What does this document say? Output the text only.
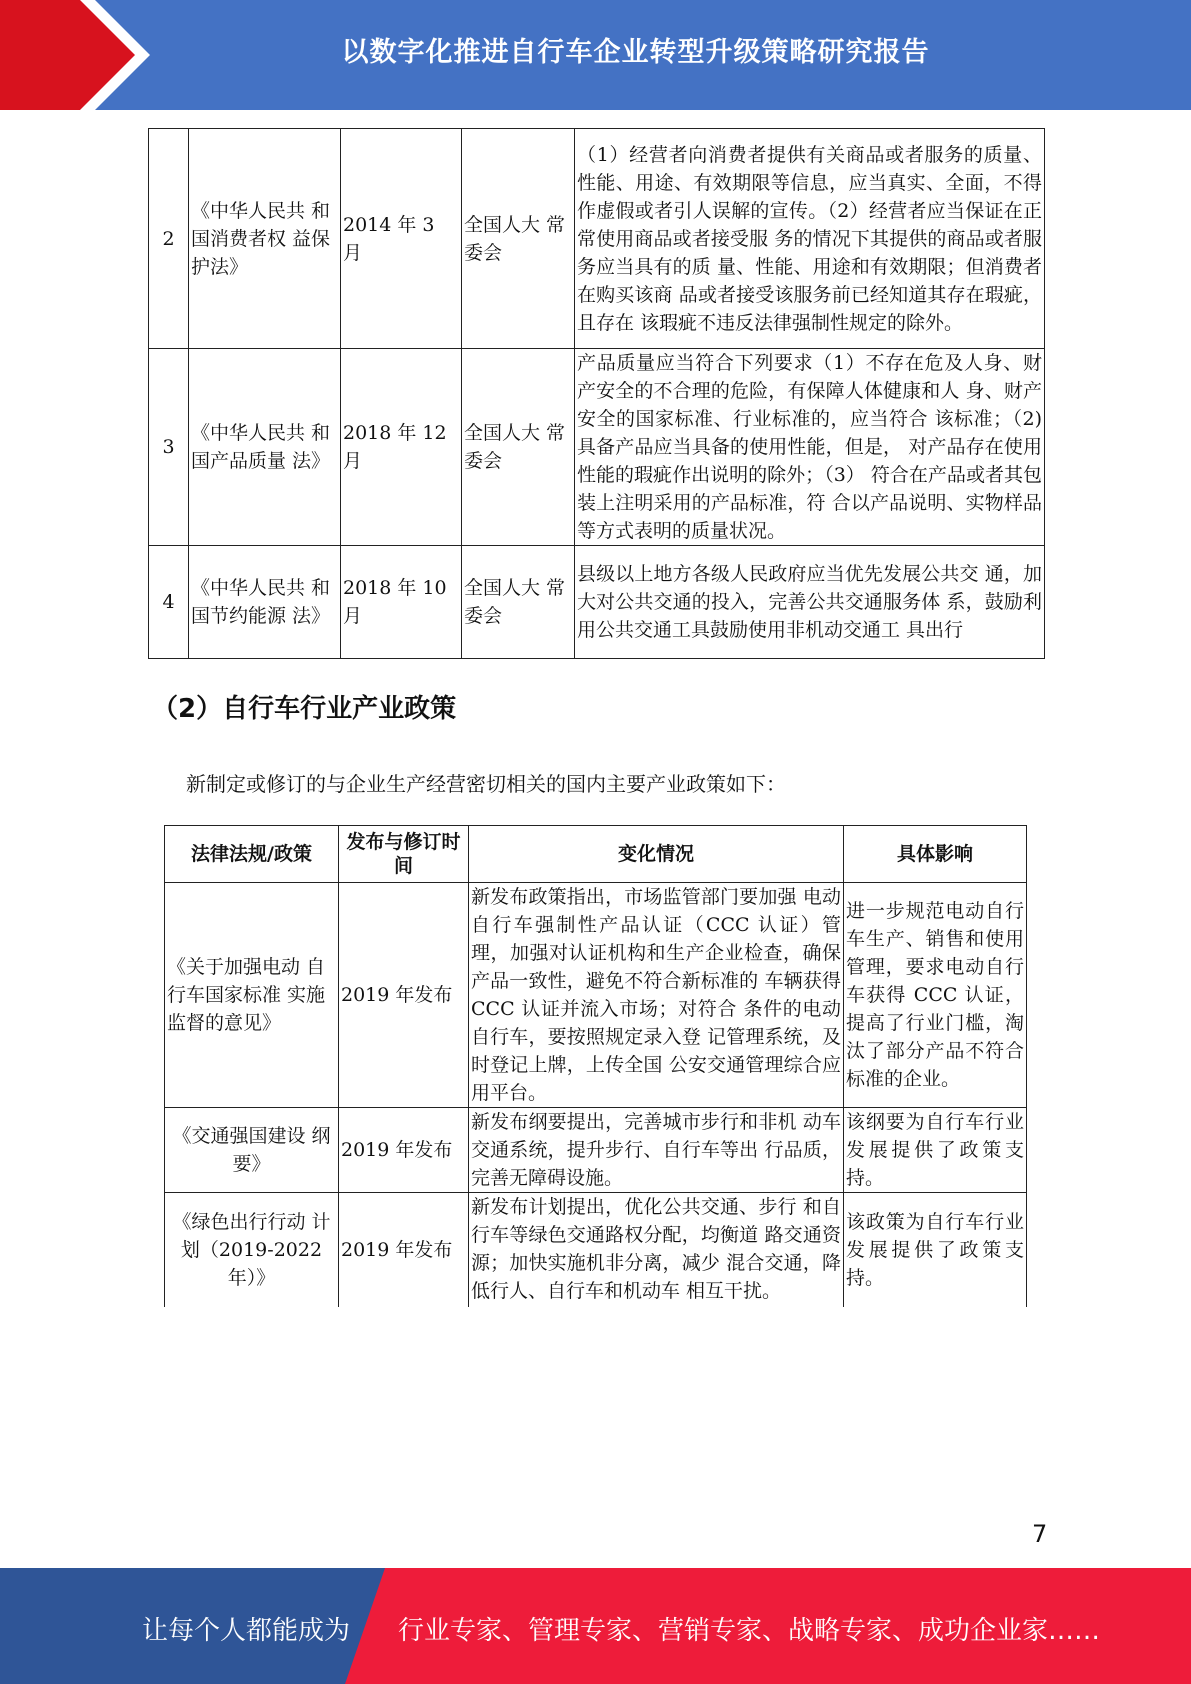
以数字化推进自行车企业转型升级策略研究报告
2	《中华人民共 和国消费者权 益保护法》	2014 年 3 月	全国人大 常委会	（1）经营者向消费者提供有关商品或者服务的质量、性能、用途、有效期限等信息，应当真实、全面，不得作虚假或者引人误解的宣传。（2）经营者应当保证在正常使用商品或者接受服 务的情况下其提供的商品或者服务应当具有的质 量、性能、用途和有效期限；但消费者在购买该商 品或者接受该服务前已经知道其存在瑕疵，且存在 该瑕疵不违反法律强制性规定的除外。
3	《中华人民共 和国产品质量 法》	2018 年 12 月	全国人大 常委会	产品质量应当符合下列要求（1）不存在危及人身、财产安全的不合理的危险，有保障人体健康和人 身、财产安全的国家标准、行业标准的，应当符合 该标准；（2)具备产品应当具备的使用性能，但是， 对产品存在使用性能的瑕疵作出说明的除外；（3） 符合在产品或者其包装上注明采用的产品标准，符 合以产品说明、实物样品等方式表明的质量状况。
4	《中华人民共 和国节约能源 法》	2018 年 10 月	全国人大 常委会	县级以上地方各级人民政府应当优先发展公共交 通，加大对公共交通的投入，完善公共交通服务体 系，鼓励利用公共交通工具鼓励使用非机动交通工 具出行
（2）自行车行业产业政策
新制定或修订的与企业生产经营密切相关的国内主要产业政策如下：
法律法规/政策	发布与修订时间	变化情况	具体影响
《关于加强电动 自行车国家标准 实施监督的意见》	2019 年发布	新发布政策指出，市场监管部门要加强 电动自行车强制性产品认证（CCC 认证）管理，加强对认证机构和生产企业检查，确保产品一致性，避免不符合新标准的 车辆获得 CCC 认证并流入市场；对符合 条件的电动自行车，要按照规定录入登 记管理系统，及时登记上牌，上传全国 公安交通管理综合应用平台。	进一步规范电动自行车生产、销售和使用管理，要求电动自行车获得 CCC 认证，提高了行业门槛，淘汰了部分产品不符合标准的企业。
《交通强国建设 纲要》	2019 年发布	新发布纲要提出，完善城市步行和非机 动车交通系统，提升步行、自行车等出 行品质，完善无障碍设施。	该纲要为自行车行业发展提供了政策支持。
《绿色出行行动 计划（2019-2022 年）》	2019 年发布	新发布计划提出，优化公共交通、步行 和自行车等绿色交通路权分配，均衡道 路交通资源；加快实施机非分离，减少 混合交通，降低行人、自行车和机动车 相互干扰。	该政策为自行车行业发展提供了政策支持。
7
让每个人都能成为 行业专家、管理专家、营销专家、战略专家、成功企业家……
